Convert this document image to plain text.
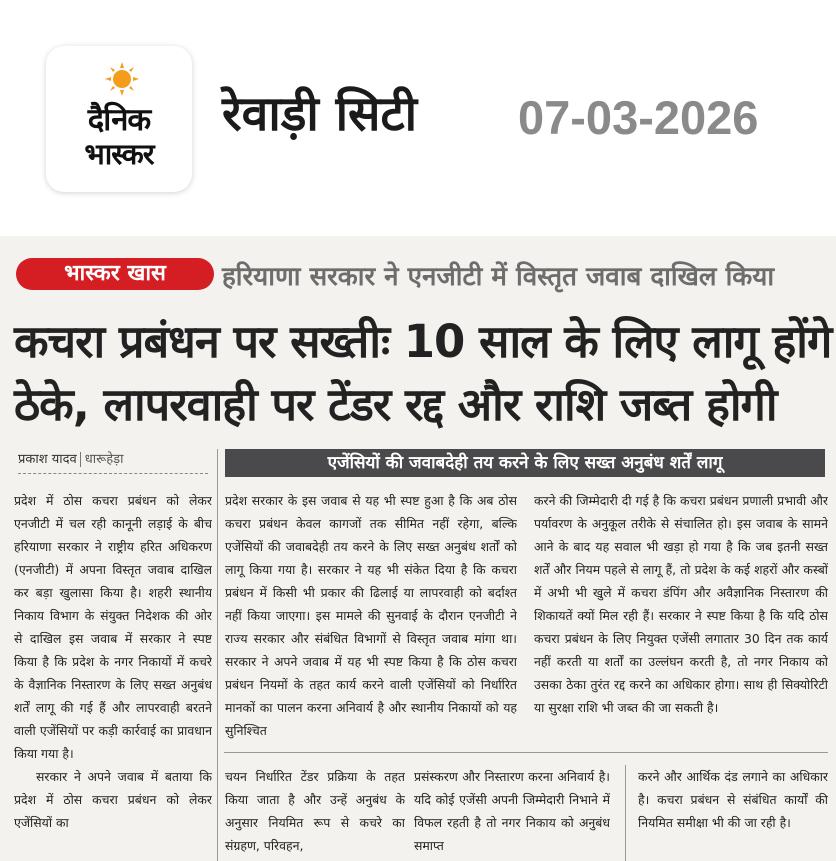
दैनिक
भास्कर
रेवाड़ी सिटी 07-03-2026
भास्कर खास	हरियाणा सरकार ने एनजीटी में विस्तृत जवाब दाखिल किया
कचरा प्रबंधन पर सख्तीः 10 साल के लिए लागू होंगे
ठेके, लापरवाही पर टेंडर रद्द और राशि जब्त होगी
प्रकाश यादव धारूहेड़ा	एजेंसियों की जवाबदेही तय करने के लिए सख्त अनुबंध शर्तें लागू

प्रदेश में ठोस कचरा प्रबंधन को लेकर एनजीटी में चल रही कानूनी लड़ाई के बीच हरियाणा सरकार ने राष्ट्रीय हरित अधिकरण (एनजीटी) में अपना विस्तृत जवाब दाखिल कर बड़ा खुलासा किया है। शहरी स्थानीय निकाय विभाग के संयुक्त निदेशक की ओर से दाखिल इस जवाब में सरकार ने स्पष्ट किया है कि प्रदेश के नगर निकायों में कचरे के वैज्ञानिक निस्तारण के लिए सख्त अनुबंध शर्तें लागू की गई हैं और लापरवाही बरतने वाली एजेंसियों पर कड़ी कार्रवाई का प्रावधान किया गया है।

सरकार ने अपने जवाब में बताया कि प्रदेश में ठोस कचरा प्रबंधन को लेकर एजेंसियों का

प्रदेश सरकार के इस जवाब से यह भी स्पष्ट हुआ है कि अब ठोस कचरा प्रबंधन केवल कागजों तक सीमित नहीं रहेगा, बल्कि एजेंसियों की जवाबदेही तय करने के लिए सख्त अनुबंध शर्तों को लागू किया गया है। सरकार ने यह भी संकेत दिया है कि कचरा प्रबंधन में किसी भी प्रकार की ढिलाई या लापरवाही को बर्दाश्त नहीं किया जाएगा। इस मामले की सुनवाई के दौरान एनजीटी ने राज्य सरकार और संबंधित विभागों से विस्तृत जवाब मांगा था। सरकार ने अपने जवाब में यह भी स्पष्ट किया है कि ठोस कचरा प्रबंधन नियमों के तहत कार्य करने वाली एजेंसियों को निर्धारित मानकों का पालन करना अनिवार्य है और स्थानीय निकायों को यह सुनिश्चित

करने की जिम्मेदारी दी गई है कि कचरा प्रबंधन प्रणाली प्रभावी और पर्यावरण के अनुकूल तरीके से संचालित हो। इस जवाब के सामने आने के बाद यह सवाल भी खड़ा हो गया है कि जब इतनी सख्त शर्तें और नियम पहले से लागू हैं, तो प्रदेश के कई शहरों और कस्बों में अभी भी खुले में कचरा डंपिंग और अवैज्ञानिक निस्तारण की शिकायतें क्यों मिल रही हैं। सरकार ने स्पष्ट किया है कि यदि ठोस कचरा प्रबंधन के लिए नियुक्त एजेंसी लगातार 30 दिन तक कार्य नहीं करती या शर्तों का उल्लंघन करती है, तो नगर निकाय को उसका ठेका तुरंत रद्द करने का अधिकार होगा। साथ ही सिक्योरिटी या सुरक्षा राशि भी जब्त की जा सकती है।

चयन निर्धारित टेंडर प्रक्रिया के तहत किया जाता है और उन्हें अनुबंध के अनुसार नियमित रूप से कचरे का संग्रहण, परिवहन,

प्रसंस्करण और निस्तारण करना अनिवार्य है। यदि कोई एजेंसी अपनी जिम्मेदारी निभाने में विफल रहती है तो नगर निकाय को अनुबंध समाप्त

करने और आर्थिक दंड लगाने का अधिकार है। कचरा प्रबंधन से संबंधित कार्यों की नियमित समीक्षा भी की जा रही है।
